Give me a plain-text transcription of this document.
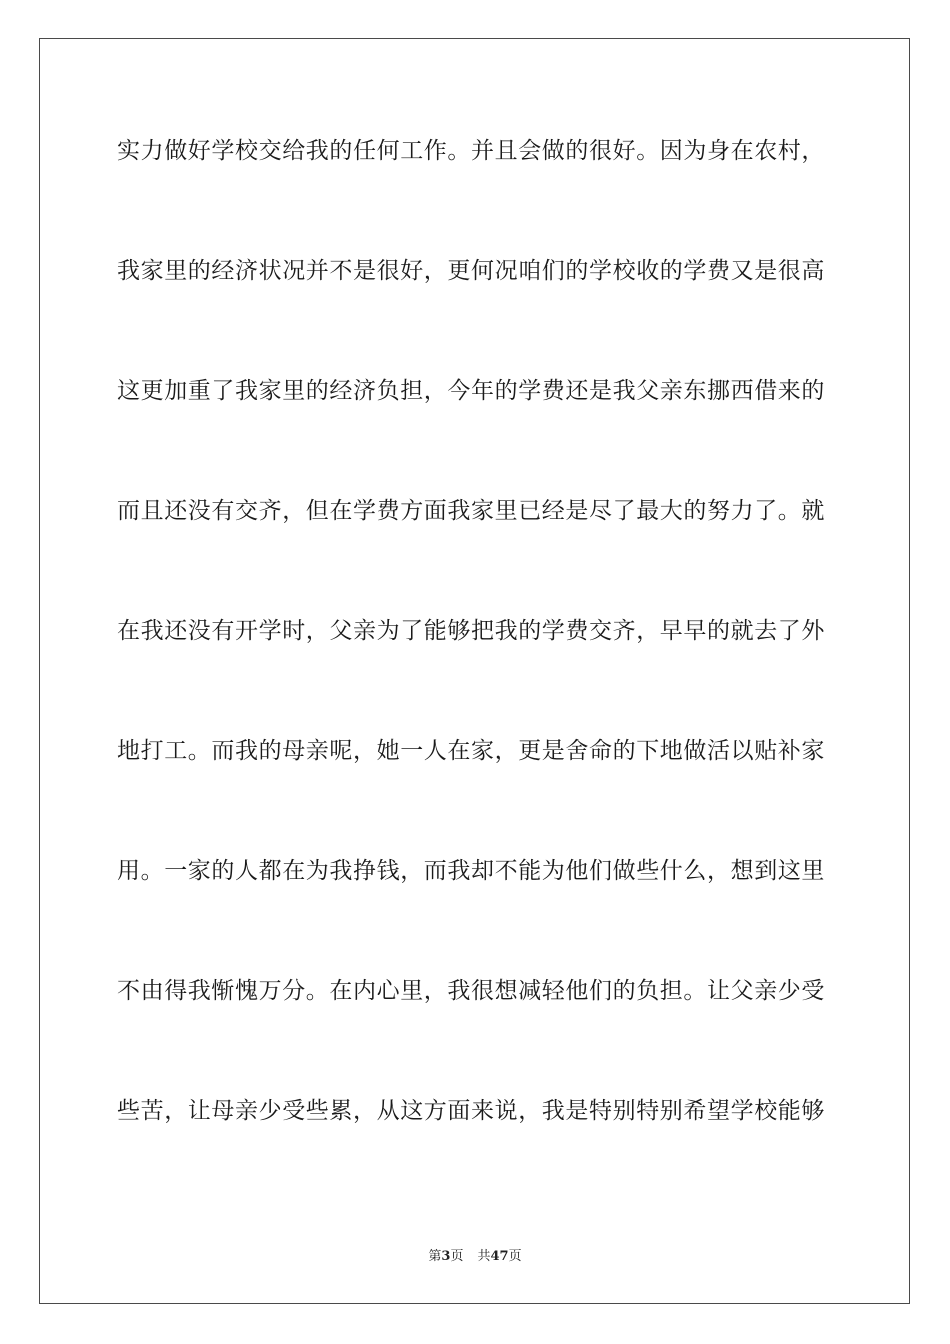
实力做好学校交给我的任何工作。并且会做的很好。因为身在农村，
我家里的经济状况并不是很好，更何况咱们的学校收的学费又是很高
这更加重了我家里的经济负担，今年的学费还是我父亲东挪西借来的
而且还没有交齐，但在学费方面我家里已经是尽了最大的努力了。就
在我还没有开学时，父亲为了能够把我的学费交齐，早早的就去了外
地打工。而我的母亲呢，她一人在家，更是舍命的下地做活以贴补家
用。一家的人都在为我挣钱，而我却不能为他们做些什么，想到这里
不由得我惭愧万分。在内心里，我很想减轻他们的负担。让父亲少受
些苦，让母亲少受些累，从这方面来说，我是特别特别希望学校能够
第3页 共47页
